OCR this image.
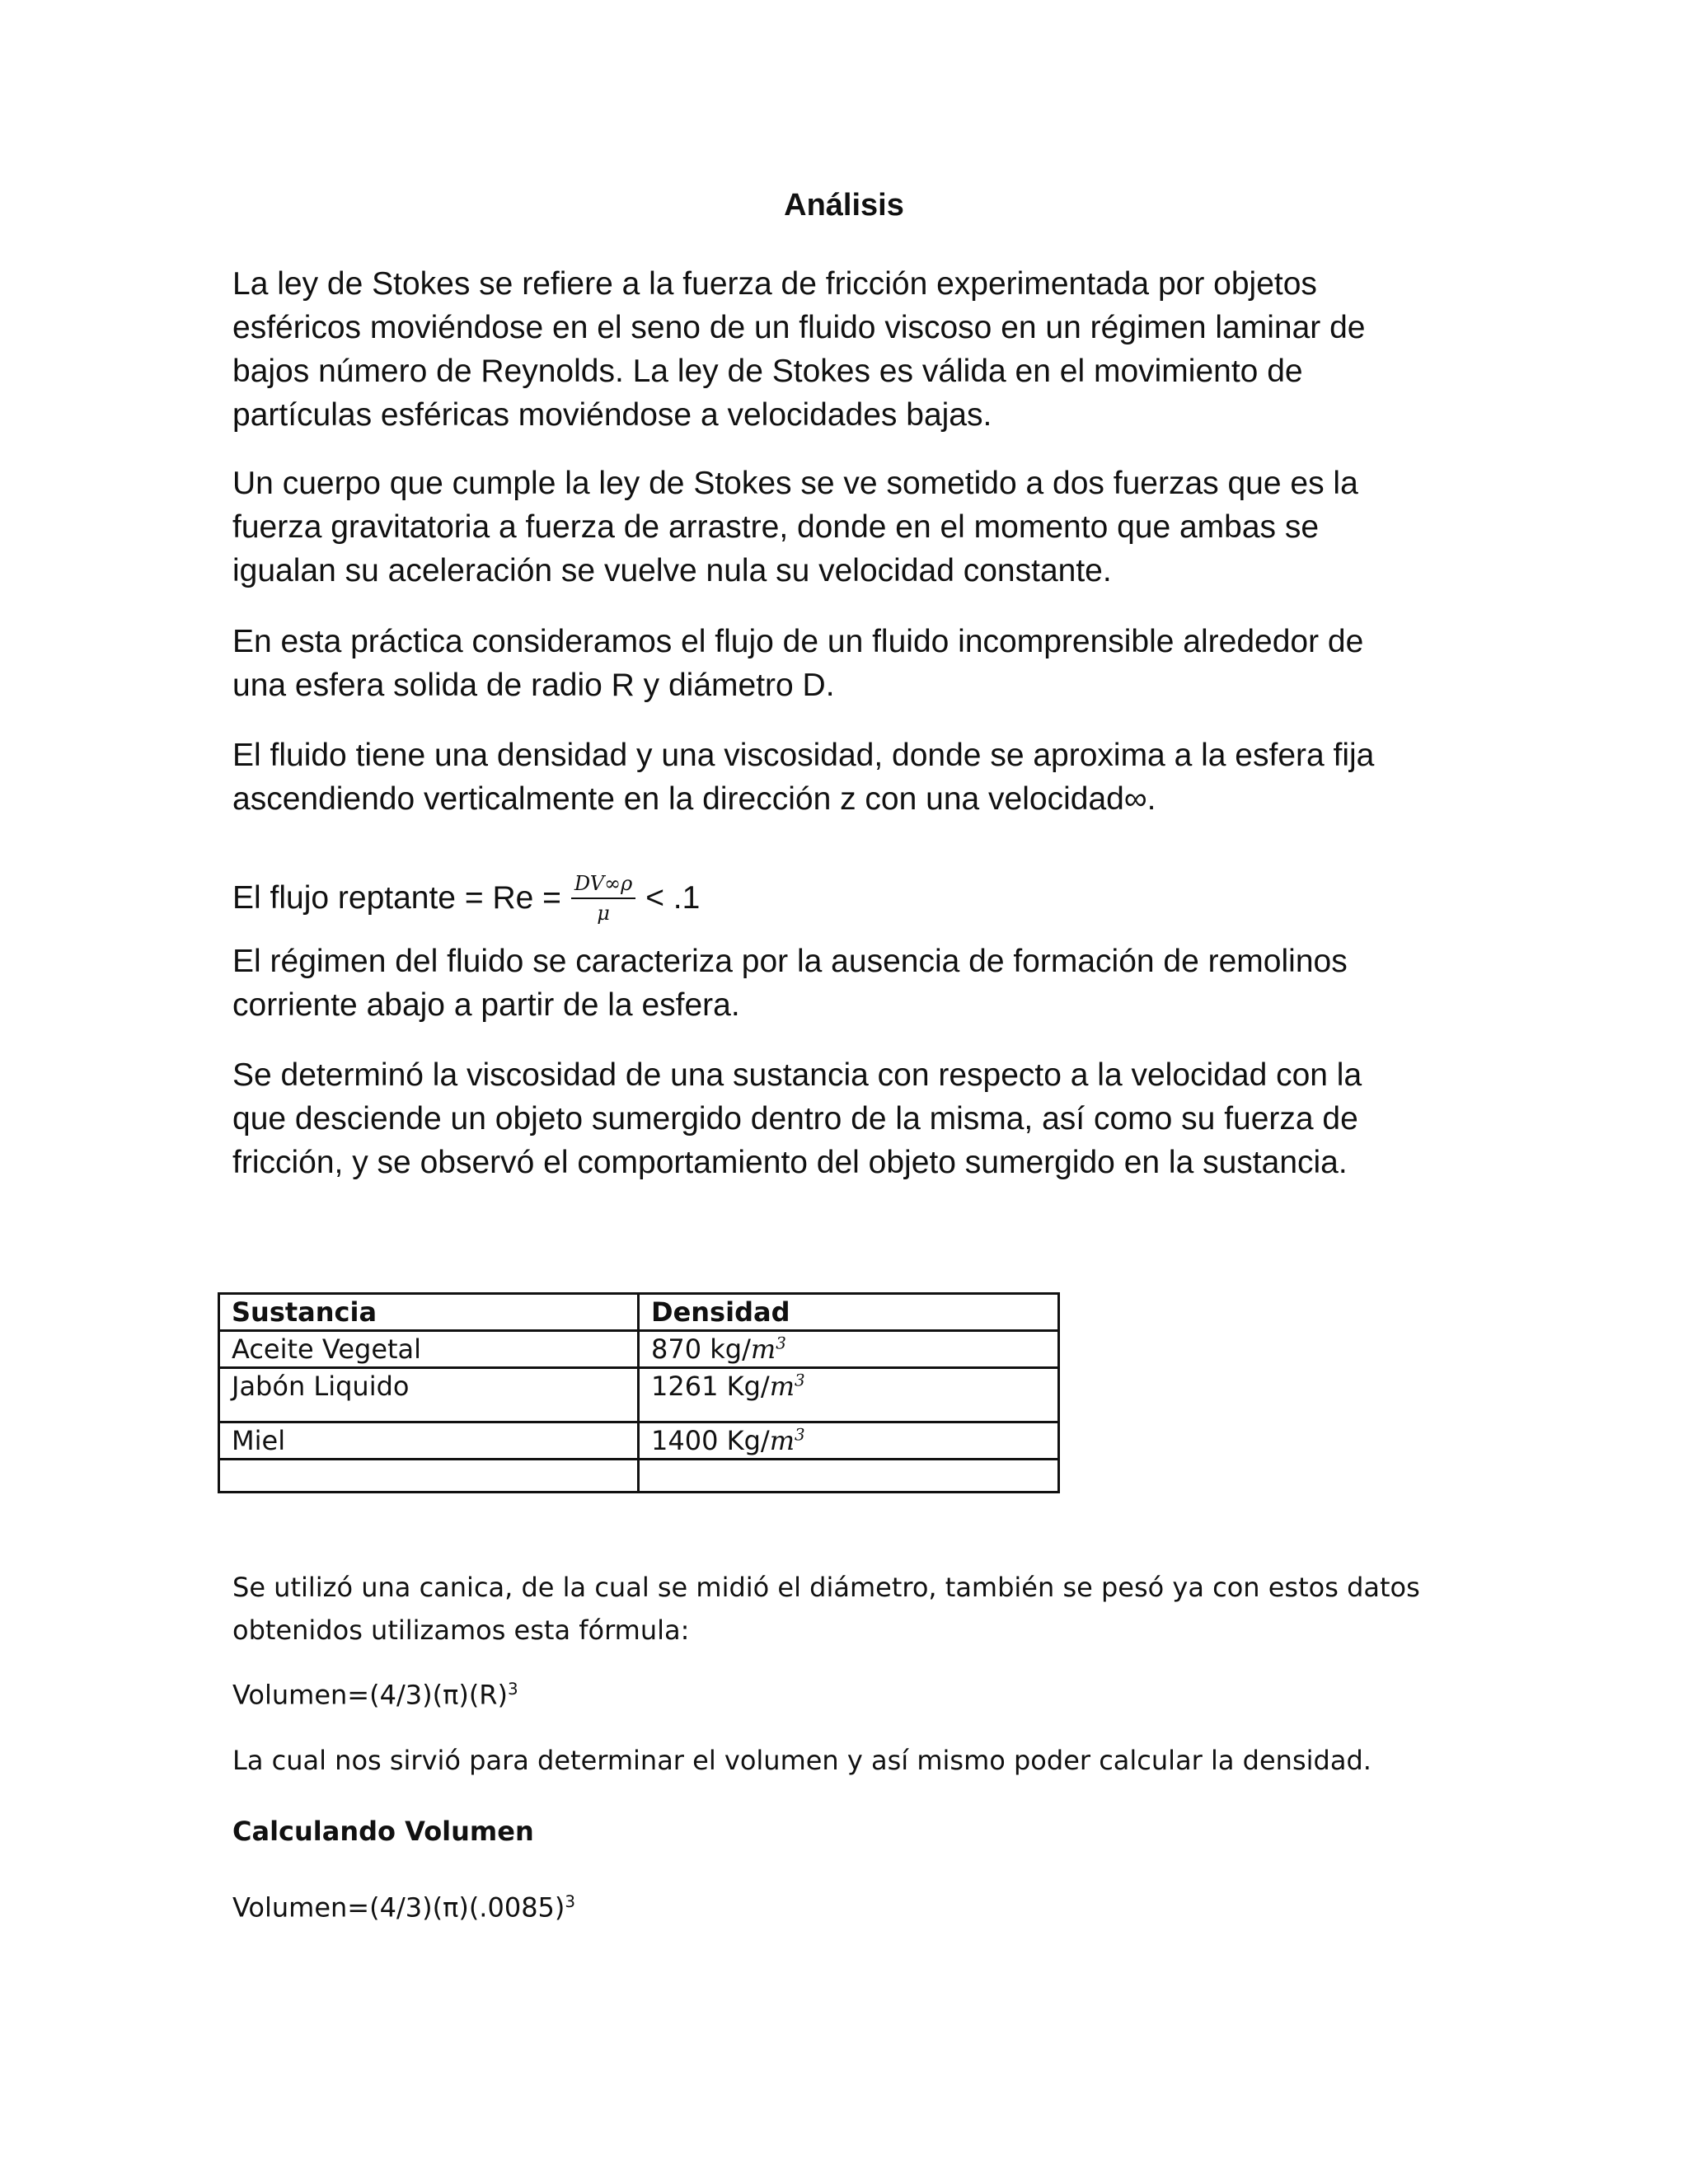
Análisis

La ley de Stokes se refiere a la fuerza de fricción experimentada por objetos esféricos moviéndose en el seno de un fluido viscoso en un régimen laminar de bajos número de Reynolds. La ley de Stokes es válida en el movimiento de partículas esféricas moviéndose a velocidades bajas.

Un cuerpo que cumple la ley de Stokes se ve sometido a dos fuerzas que es la fuerza gravitatoria a fuerza de arrastre, donde en el momento que ambas se igualan su aceleración se vuelve nula su velocidad constante.

En esta práctica consideramos el flujo de un fluido incomprensible alrededor de una esfera solida de radio R y diámetro D.

El fluido tiene una densidad y una viscosidad, donde se aproxima a la esfera fija ascendiendo verticalmente en la dirección z con una velocidad∞.

El flujo reptante = $Re = \frac{DV\infty\rho}{\mu} < .1$

El régimen del fluido se caracteriza por la ausencia de formación de remolinos corriente abajo a partir de la esfera.

Se determinó la viscosidad de una sustancia con respecto a la velocidad con la que desciende un objeto sumergido dentro de la misma, así como su fuerza de fricción, y se observó el comportamiento del objeto sumergido en la sustancia.

Sustancia	Densidad
Aceite Vegetal	870 $kg/m^3$
Jabón Liquido	1261 $Kg/m^3$
Miel	1400 $Kg/m^3$

Se utilizó una canica, de la cual se midió el diámetro, también se pesó ya con estos datos obtenidos utilizamos esta fórmula:

$Volumen=(4/3)(\pi)(R)^3$

La cual nos sirvió para determinar el volumen y así mismo poder calcular la densidad.

Calculando Volumen

$Volumen=(4/3)(\pi)(.0085)^3$
